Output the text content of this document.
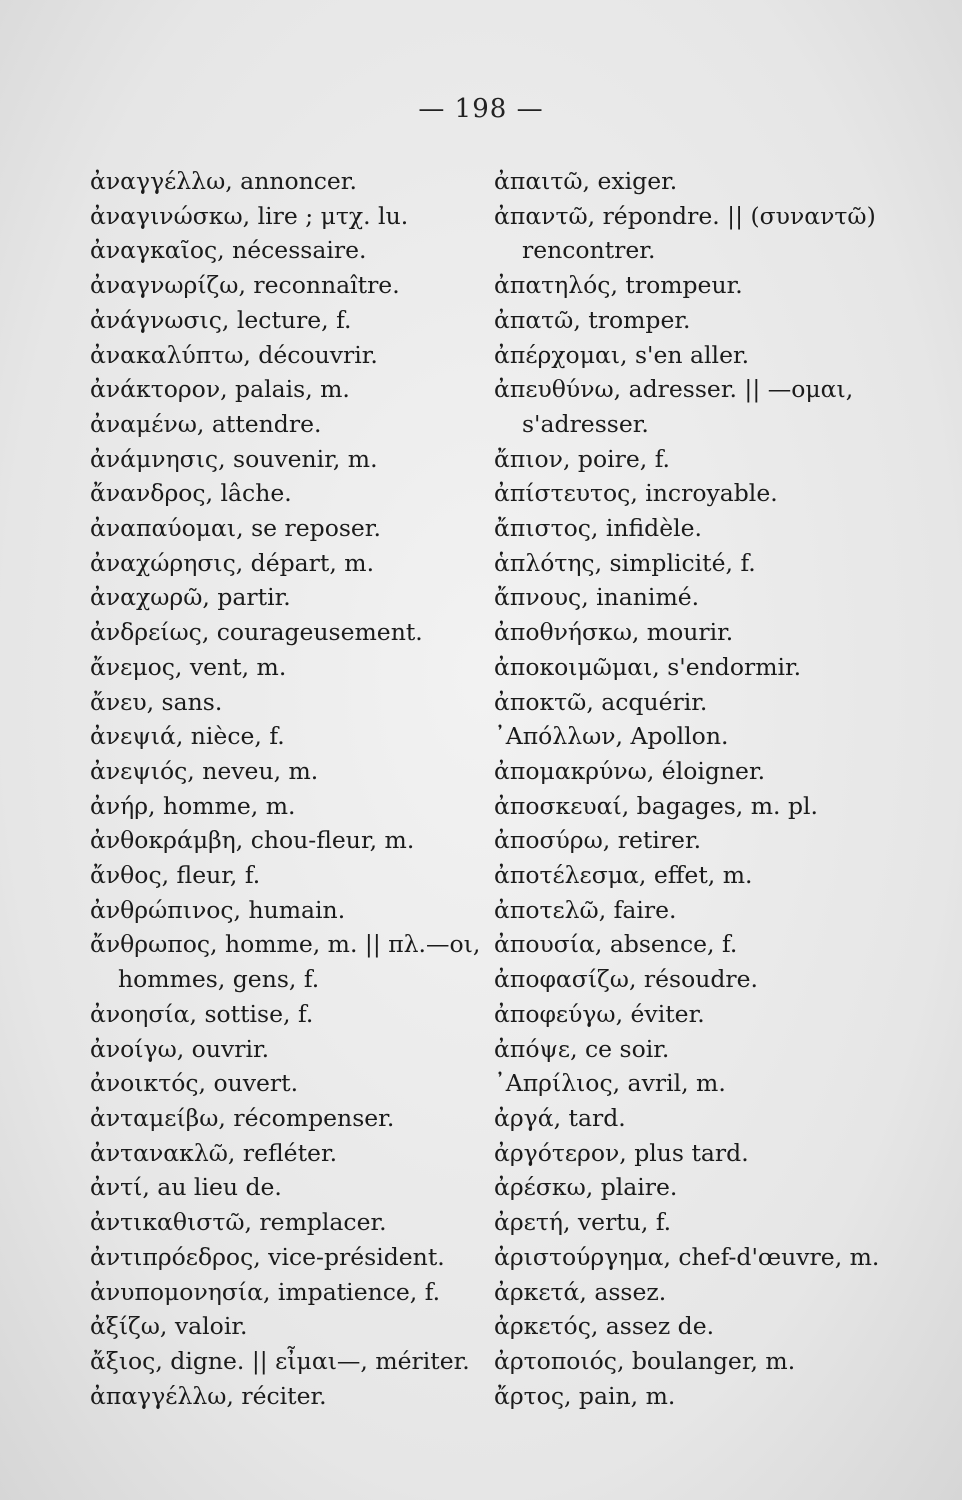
— 198 —
ἀναγγέλλω, annoncer.
ἀναγινώσκω, lire ; μτχ. lu.
ἀναγκαῖος, nécessaire.
ἀναγνωρίζω, reconnaître.
ἀνάγνωσις, lecture, f.
ἀνακαλύπτω, découvrir.
ἀνάκτορον, palais, m.
ἀναμένω, attendre.
ἀνάμνησις, souvenir, m.
ἄνανδρος, lâche.
ἀναπαύομαι, se reposer.
ἀναχώρησις, départ, m.
ἀναχωρῶ, partir.
ἀνδρείως, courageusement.
ἄνεμος, vent, m.
ἄνευ, sans.
ἀνεψιά, nièce, f.
ἀνεψιός, neveu, m.
ἀνήρ, homme, m.
ἀνθοκράμβη, chou-fleur, m.
ἄνθος, fleur, f.
ἀνθρώπινος, humain.
ἄνθρωπος, homme, m. || πλ.—οι,
hommes, gens, f.
ἀνοησία, sottise, f.
ἀνοίγω, ouvrir.
ἀνοικτός, ouvert.
ἀνταμείβω, récompenser.
ἀντανακλῶ, refléter.
ἀντί, au lieu de.
ἀντικαθιστῶ, remplacer.
ἀντιπρόεδρος, vice-président.
ἀνυπομονησία, impatience, f.
ἀξίζω, valoir.
ἄξιος, digne. || εἶμαι—, mériter.
ἀπαγγέλλω, réciter.
ἀπαιτῶ, exiger.
ἀπαντῶ, répondre. || (συναντῶ)
rencontrer.
ἀπατηλός, trompeur.
ἀπατῶ, tromper.
ἀπέρχομαι, s'en aller.
ἀπευθύνω, adresser. || —ομαι,
s'adresser.
ἄπιον, poire, f.
ἀπίστευτος, incroyable.
ἄπιστος, infidèle.
ἁπλότης, simplicité, f.
ἄπνους, inanimé.
ἀποθνήσκω, mourir.
ἀποκοιμῶμαι, s'endormir.
ἀποκτῶ, acquérir.
᾿Απόλλων, Apollon.
ἀπομακρύνω, éloigner.
ἀποσκευαί, bagages, m. pl.
ἀποσύρω, retirer.
ἀποτέλεσμα, effet, m.
ἀποτελῶ, faire.
ἀπουσία, absence, f.
ἀποφασίζω, résoudre.
ἀποφεύγω, éviter.
ἀπόψε, ce soir.
᾿Απρίλιος, avril, m.
ἀργά, tard.
ἀργότερον, plus tard.
ἀρέσκω, plaire.
ἀρετή, vertu, f.
ἀριστούργημα, chef-d'œuvre, m.
ἀρκετά, assez.
ἀρκετός, assez de.
ἀρτοποιός, boulanger, m.
ἄρτος, pain, m.
